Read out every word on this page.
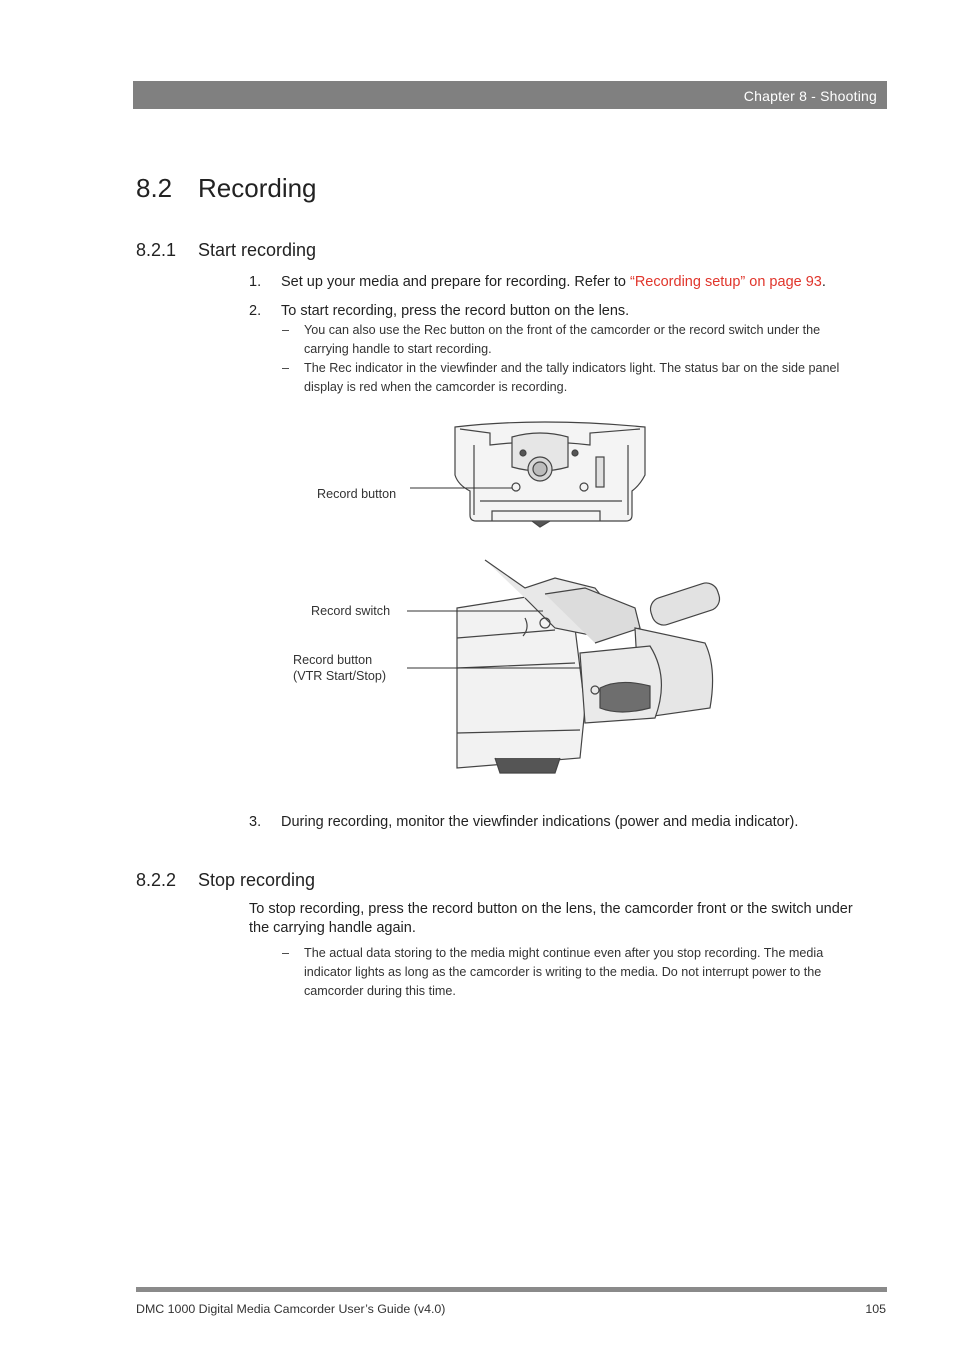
Chapter 8 - Shooting
8.2 Recording
8.2.1 Start recording
1. Set up your media and prepare for recording. Refer to “Recording setup” on page 93.
2. To start recording, press the record button on the lens.
–	You can also use the Rec button on the front of the camcorder or the record switch under the carrying handle to start recording.
–	The Rec indicator in the viewfinder and the tally indicators light. The status bar on the side panel display is red when the camcorder is recording.
Record button
Record switch
Record button
(VTR Start/Stop)
3. During recording, monitor the viewfinder indications (power and media indicator).
8.2.2 Stop recording
To stop recording, press the record button on the lens, the camcorder front or the switch under the carrying handle again.
–	The actual data storing to the media might continue even after you stop recording. The media indicator lights as long as the camcorder is writing to the media. Do not interrupt power to the camcorder during this time.
DMC 1000 Digital Media Camcorder User’s Guide (v4.0)	105
